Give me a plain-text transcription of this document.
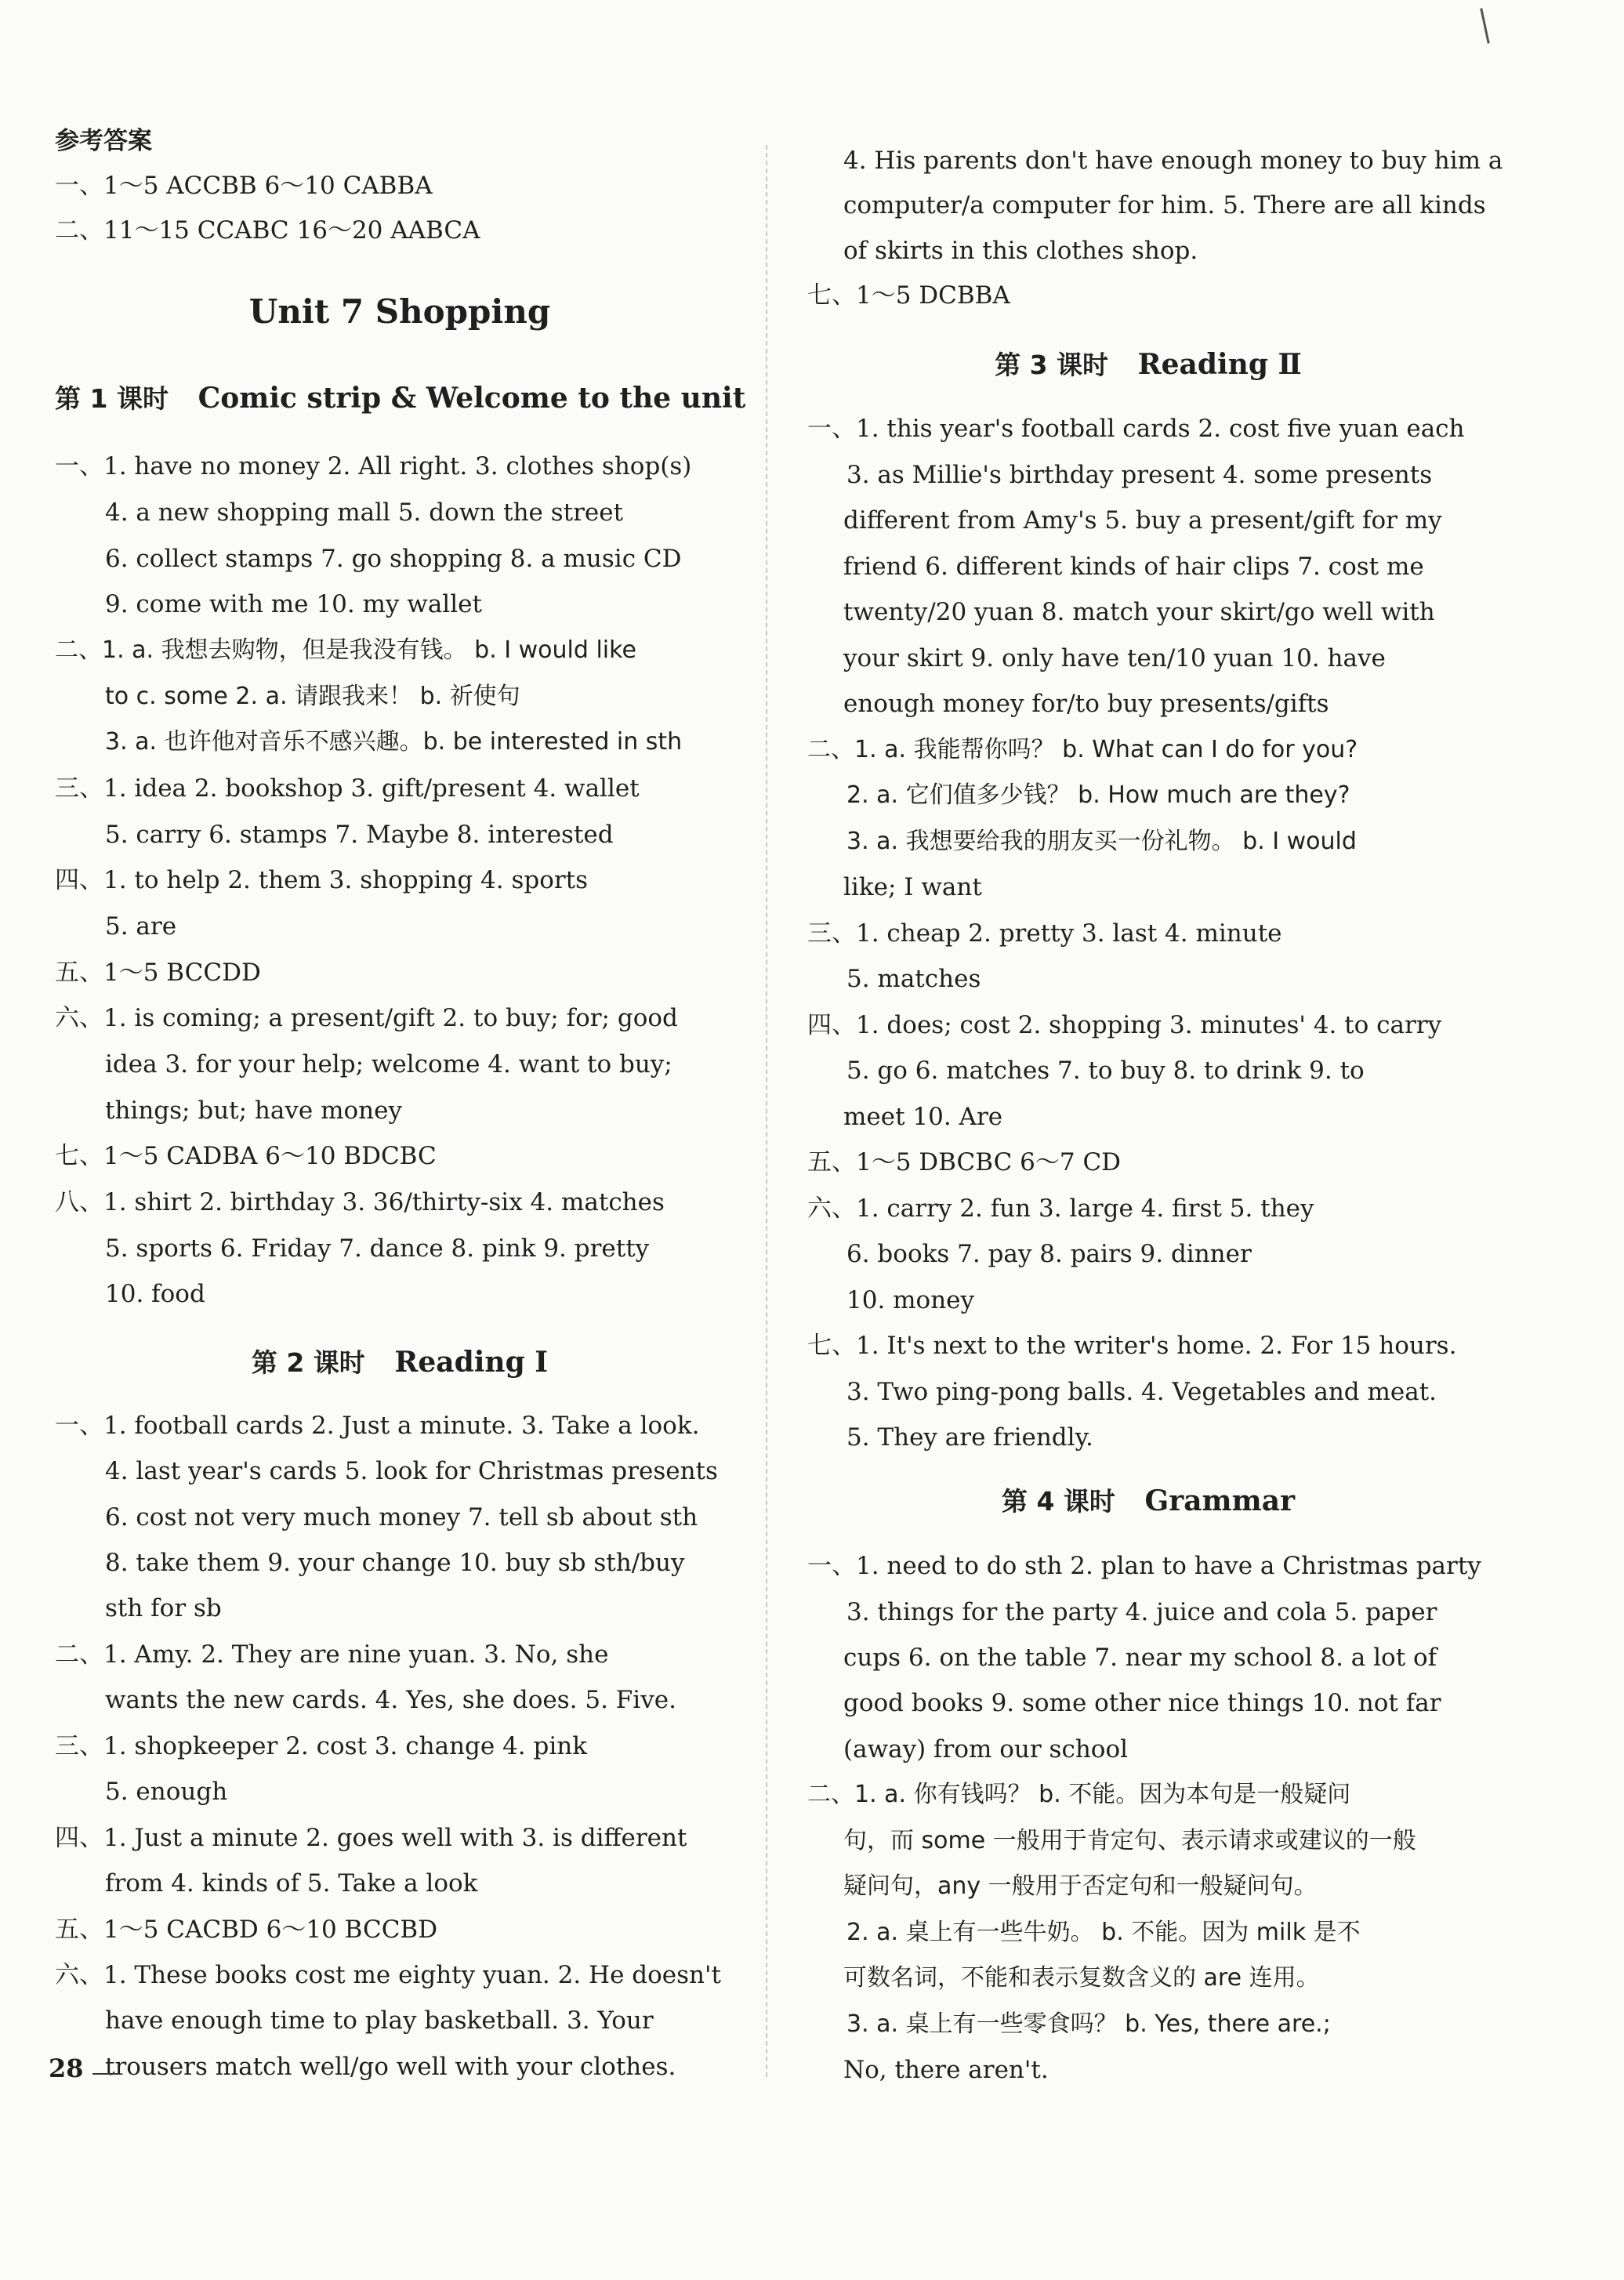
参考答案
一、1～5 ACCBB 6～10 CABBA
二、11～15 CCABC 16～20 AABCA
Unit 7 Shopping
第 1 课时 Comic strip & Welcome to the unit
一、1. have no money 2. All right. 3. clothes shop(s)
4. a new shopping mall 5. down the street
6. collect stamps 7. go shopping 8. a music CD
9. come with me 10. my wallet
二、1. a. 我想去购物，但是我没有钱。 b. I would like
to c. some 2. a. 请跟我来！ b. 祈使句
3. a. 也许他对音乐不感兴趣。b. be interested in sth
三、1. idea 2. bookshop 3. gift/present 4. wallet
5. carry 6. stamps 7. Maybe 8. interested
四、1. to help 2. them 3. shopping 4. sports
5. are
五、1～5 BCCDD
六、1. is coming; a present/gift 2. to buy; for; good
idea 3. for your help; welcome 4. want to buy;
things; but; have money
七、1～5 CADBA 6～10 BDCBC
八、1. shirt 2. birthday 3. 36/thirty-six 4. matches
5. sports 6. Friday 7. dance 8. pink 9. pretty
10. food
第 2 课时 Reading Ⅰ
一、1. football cards 2. Just a minute. 3. Take a look.
4. last year's cards 5. look for Christmas presents
6. cost not very much money 7. tell sb about sth
8. take them 9. your change 10. buy sb sth/buy
sth for sb
二、1. Amy. 2. They are nine yuan. 3. No, she
wants the new cards. 4. Yes, she does. 5. Five.
三、1. shopkeeper 2. cost 3. change 4. pink
5. enough
四、1. Just a minute 2. goes well with 3. is different
from 4. kinds of 5. Take a look
五、1～5 CACBD 6～10 BCCBD
六、1. These books cost me eighty yuan. 2. He doesn't
have enough time to play basketball. 3. Your
trousers match well/go well with your clothes.
4. His parents don't have enough money to buy him a
computer/a computer for him. 5. There are all kinds
of skirts in this clothes shop.
七、1～5 DCBBA
第 3 课时 Reading Ⅱ
一、1. this year's football cards 2. cost five yuan each
3. as Millie's birthday present 4. some presents
different from Amy's 5. buy a present/gift for my
friend 6. different kinds of hair clips 7. cost me
twenty/20 yuan 8. match your skirt/go well with
your skirt 9. only have ten/10 yuan 10. have
enough money for/to buy presents/gifts
二、1. a. 我能帮你吗？ b. What can I do for you?
2. a. 它们值多少钱？ b. How much are they?
3. a. 我想要给我的朋友买一份礼物。 b. I would
like; I want
三、1. cheap 2. pretty 3. last 4. minute
5. matches
四、1. does; cost 2. shopping 3. minutes' 4. to carry
5. go 6. matches 7. to buy 8. to drink 9. to
meet 10. Are
五、1～5 DBCBC 6～7 CD
六、1. carry 2. fun 3. large 4. first 5. they
6. books 7. pay 8. pairs 9. dinner
10. money
七、1. It's next to the writer's home. 2. For 15 hours.
3. Two ping-pong balls. 4. Vegetables and meat.
5. They are friendly.
第 4 课时 Grammar
一、1. need to do sth 2. plan to have a Christmas party
3. things for the party 4. juice and cola 5. paper
cups 6. on the table 7. near my school 8. a lot of
good books 9. some other nice things 10. not far
(away) from our school
二、1. a. 你有钱吗？ b. 不能。因为本句是一般疑问
句，而 some 一般用于肯定句、表示请求或建议的一般
疑问句，any 一般用于否定句和一般疑问句。
2. a. 桌上有一些牛奶。 b. 不能。因为 milk 是不
可数名词，不能和表示复数含义的 are 连用。
3. a. 桌上有一些零食吗？ b. Yes, there are.;
No, there aren't.
28
